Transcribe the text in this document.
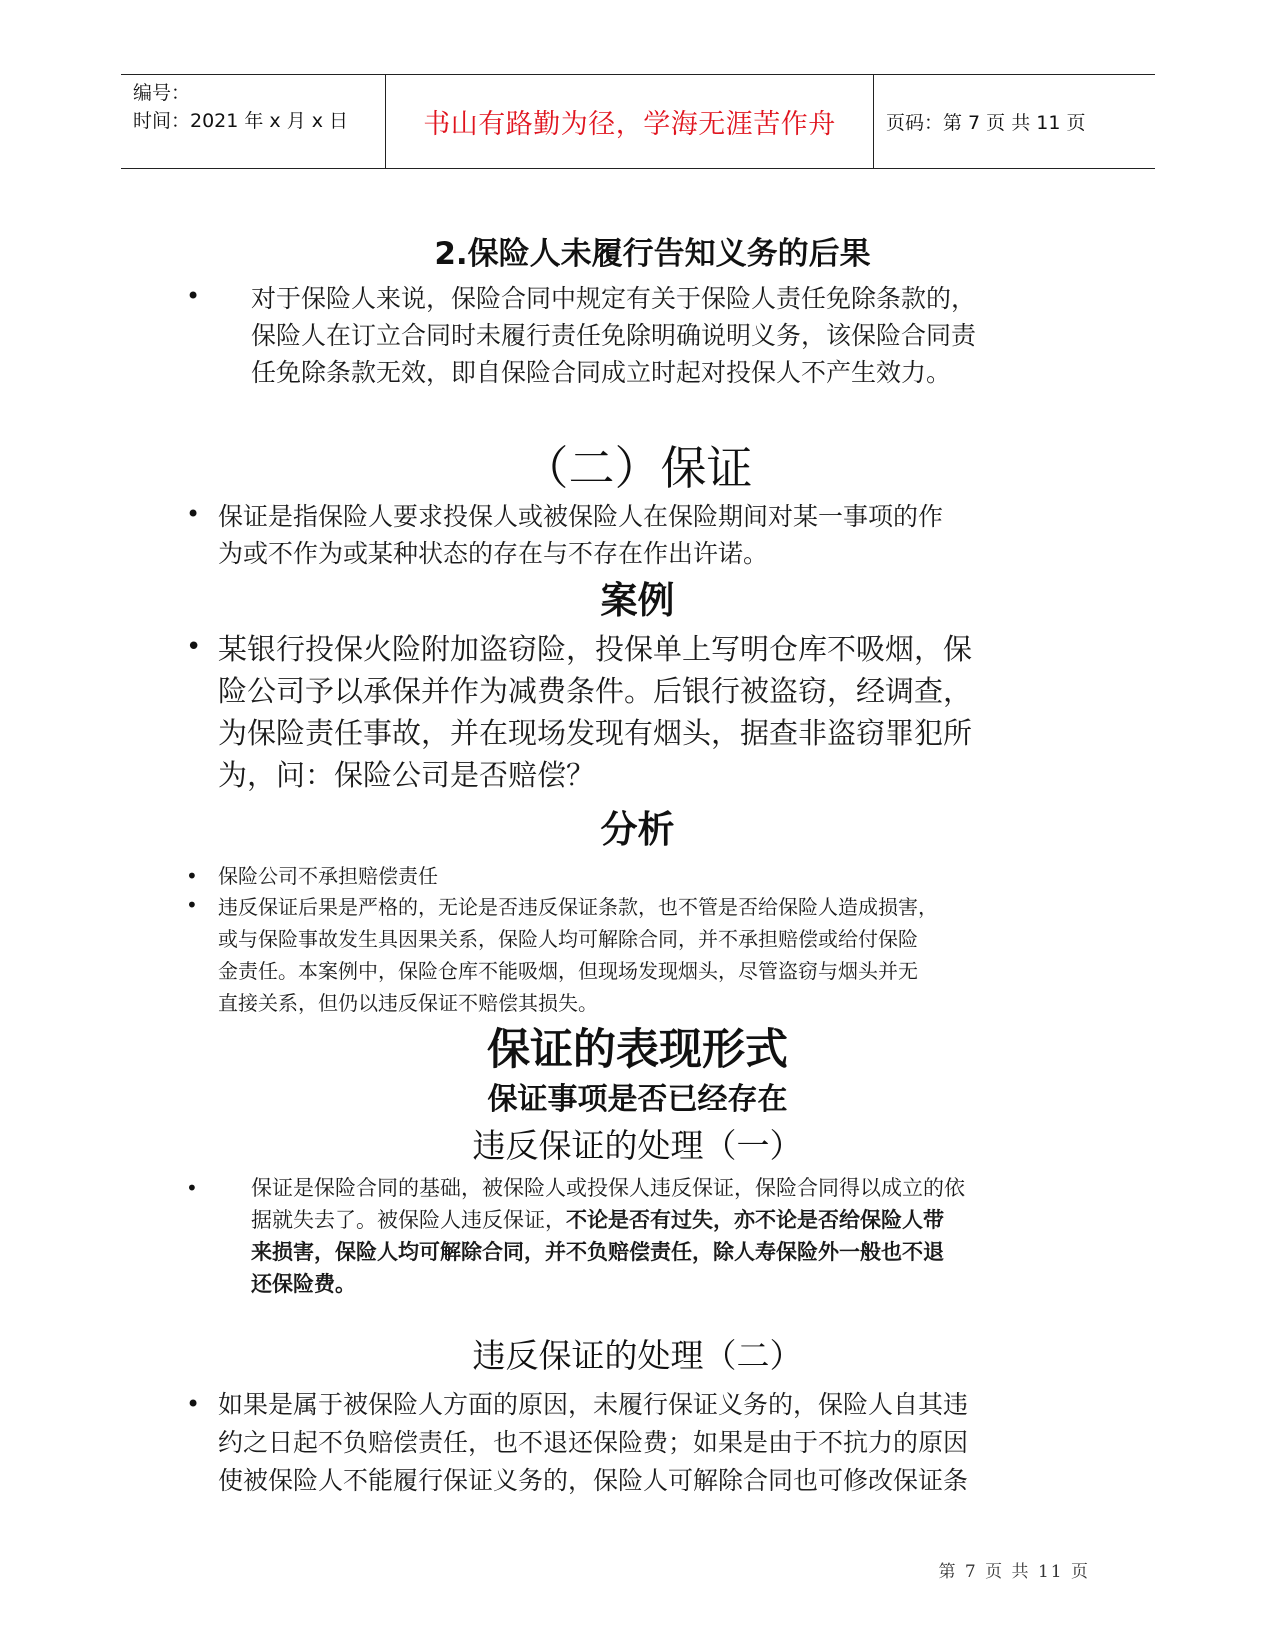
编号：
时间：2021 年 x 月 x 日	书山有路勤为径，学海无涯苦作舟	页码：第 7 页 共 11 页
2.保险人未履行告知义务的后果
• 对于保险人来说，保险合同中规定有关于保险人责任免除条款的，
保险人在订立合同时未履行责任免除明确说明义务，该保险合同责
任免除条款无效，即自保险合同成立时起对投保人不产生效力。
（二）保证
• 保证是指保险人要求投保人或被保险人在保险期间对某一事项的作
为或不作为或某种状态的存在与不存在作出许诺。
案例
• 某银行投保火险附加盗窃险，投保单上写明仓库不吸烟，保
险公司予以承保并作为减费条件。后银行被盗窃，经调查，
为保险责任事故，并在现场发现有烟头，据查非盗窃罪犯所
为，问：保险公司是否赔偿？
分析
• 保险公司不承担赔偿责任
• 违反保证后果是严格的，无论是否违反保证条款，也不管是否给保险人造成损害，
或与保险事故发生具因果关系，保险人均可解除合同，并不承担赔偿或给付保险
金责任。本案例中，保险仓库不能吸烟，但现场发现烟头，尽管盗窃与烟头并无
直接关系，但仍以违反保证不赔偿其损失。
保证的表现形式
保证事项是否已经存在
违反保证的处理（一）
•	保证是保险合同的基础，被保险人或投保人违反保证，保险合同得以成立的依
据就失去了。被保险人违反保证，不论是否有过失，亦不论是否给保险人带
来损害，保险人均可解除合同，并不负赔偿责任，除人寿保险外一般也不退
还保险费。
违反保证的处理（二）
• 如果是属于被保险人方面的原因，未履行保证义务的，保险人自其违
约之日起不负赔偿责任，也不退还保险费；如果是由于不抗力的原因
使被保险人不能履行保证义务的，保险人可解除合同也可修改保证条
第 7 页 共 11 页
